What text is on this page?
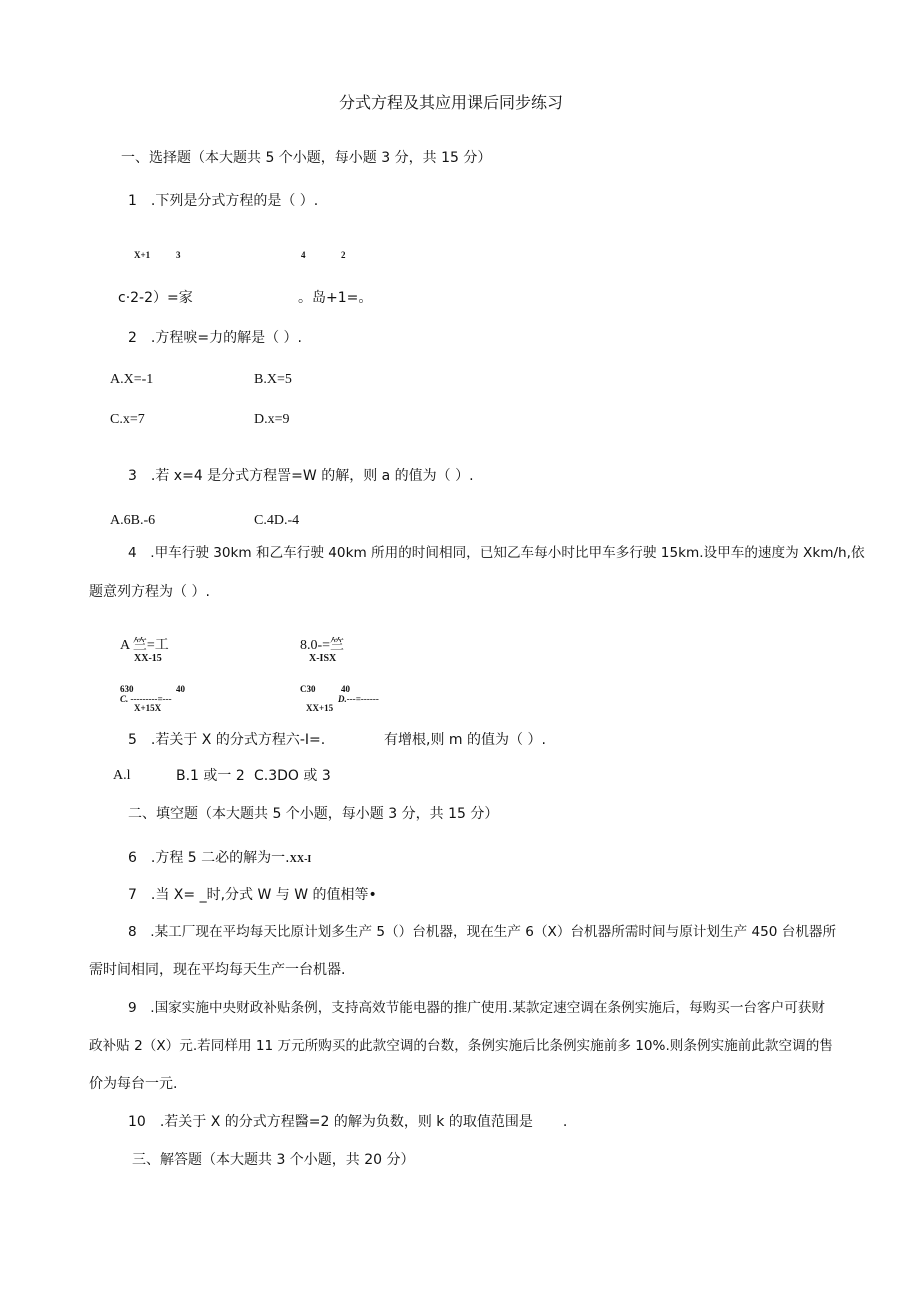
分式方程及其应用课后同步练习
一、选择题（本大题共 5 个小题，每小题 3 分，共 15 分）
1　.下列是分式方程的是（ ）.
X+1	3	4	2
c·2-2）=家	。岛+1=。
2　.方程唳=力的解是（ ）.
A.X=-1	B.X=5
C.x=7	D.x=9
3　.若 x=4 是分式方程詈=W 的解，则 a 的值为（ ）.
A.6B.-6	C.4D.-4
4　.甲车行驶 30km 和乙车行驶 40km 所用的时间相同，已知乙车每小时比甲车多行驶 15km.设甲车的速度为 Xkm/h,依
题意列方程为（ ）.
A 竺=工
XX-15
8.0-=竺
X-ISX
630	40
C. ---------=---
X+15X
C30	40
D.---=------
XX+15
5　.若关于 X 的分式方程六-I=.	有增根,则 m 的值为（ ）.
A.l	B.1 或一 2 C.3DO 或 3
二、填空题（本大题共 5 个小题，每小题 3 分，共 15 分）
6　.方程 5 二必的解为一.XX-I
7　.当 X= _时,分式 W 与 W 的值相等•
8　.某工厂现在平均每天比原计划多生产 5（）台机器，现在生产 6（X）台机器所需时间与原计划生产 450 台机器所
需时间相同，现在平均每天生产一台机器.
9　.国家实施中央财政补贴条例，支持高效节能电器的推广使用.某款定速空调在条例实施后，每购买一台客户可获财
政补贴 2（X）元.若同样用 11 万元所购买的此款空调的台数，条例实施后比条例实施前多 10%.则条例实施前此款空调的售
价为每台一元.
10　.若关于 X 的分式方程醫=2 的解为负数，则 k 的取值范围是 .
三、解答题（本大题共 3 个小题，共 20 分）
